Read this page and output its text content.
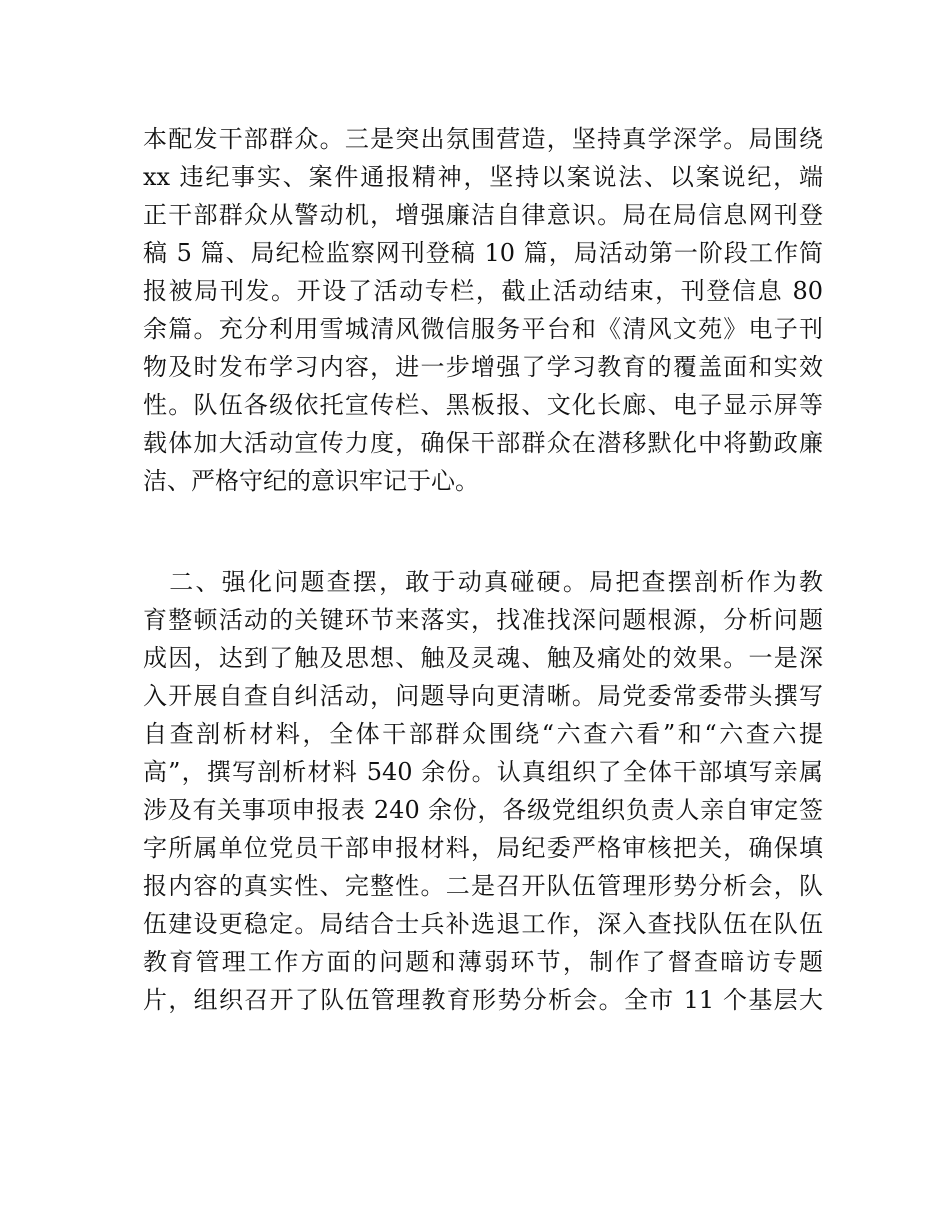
本配发干部群众。三是突出氛围营造，坚持真学深学。局围绕
xx 违纪事实、案件通报精神，坚持以案说法、以案说纪，端
正干部群众从警动机，增强廉洁自律意识。局在局信息网刊登
稿 5 篇、局纪检监察网刊登稿 10 篇，局活动第一阶段工作简
报被局刊发。开设了活动专栏，截止活动结束，刊登信息 80
余篇。充分利用雪城清风微信服务平台和《清风文苑》电子刊
物及时发布学习内容，进一步增强了学习教育的覆盖面和实效
性。队伍各级依托宣传栏、黑板报、文化长廊、电子显示屏等
载体加大活动宣传力度，确保干部群众在潜移默化中将勤政廉
洁、严格守纪的意识牢记于心。
　二、强化问题查摆，敢于动真碰硬。局把查摆剖析作为教
育整顿活动的关键环节来落实，找准找深问题根源，分析问题
成因，达到了触及思想、触及灵魂、触及痛处的效果。一是深
入开展自查自纠活动，问题导向更清晰。局党委常委带头撰写
自查剖析材料，全体干部群众围绕“六查六看”和“六查六提
高”，撰写剖析材料 540 余份。认真组织了全体干部填写亲属
涉及有关事项申报表 240 余份，各级党组织负责人亲自审定签
字所属单位党员干部申报材料，局纪委严格审核把关，确保填
报内容的真实性、完整性。二是召开队伍管理形势分析会，队
伍建设更稳定。局结合士兵补选退工作，深入查找队伍在队伍
教育管理工作方面的问题和薄弱环节，制作了督查暗访专题
片，组织召开了队伍管理教育形势分析会。全市 11 个基层大
